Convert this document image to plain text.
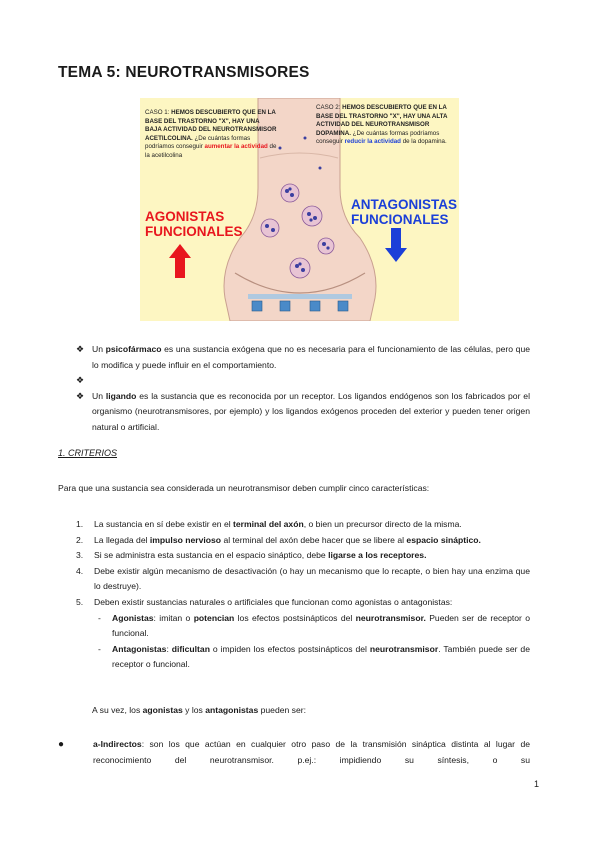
TEMA 5: NEUROTRANSMISORES
CASO 1: HEMOS DESCUBIERTO QUE EN LA BASE DEL TRASTORNO "X", HAY UNA BAJA ACTIVIDAD DEL NEUROTRANSMISOR ACETILCOLINA. ¿De cuántas formas podríamos conseguir aumentar la actividad de la acetilcolina
CASO 2: HEMOS DESCUBIERTO QUE EN LA BASE DEL TRASTORNO "X", HAY UNA ALTA ACTIVIDAD DEL NEUROTRANSMISOR DOPAMINA. ¿De cuántas formas podríamos conseguir reducir la actividad de la dopamina.
AGONISTAS
FUNCIONALES
ANTAGONISTAS
FUNCIONALES
❖ Un psicofármaco es una sustancia exógena que no es necesaria para el funcionamiento de las células, pero que lo modifica y puede influir en el comportamiento.
❖

❖ Un ligando es la sustancia que es reconocida por un receptor. Los ligandos endógenos son los fabricados por el organismo (neurotransmisores, por ejemplo) y los ligandos exógenos proceden del exterior y pueden tener origen natural o artificial.
1. CRITERIOS
Para que una sustancia sea considerada un neurotransmisor deben cumplir cinco características:
1. La sustancia en sí debe existir en el terminal del axón, o bien un precursor directo de la misma.
2. La llegada del impulso nervioso al terminal del axón debe hacer que se libere al espacio sináptico.
3. Si se administra esta sustancia en el espacio sináptico, debe ligarse a los receptores.
4. Debe existir algún mecanismo de desactivación (o hay un mecanismo que lo recapte, o bien hay una enzima que lo destruye).
5. Deben existir sustancias naturales o artificiales que funcionan como agonistas o antagonistas:
- Agonistas: imitan o potencian los efectos postsinápticos del neurotransmisor. Pueden ser de receptor o funcional.
- Antagonistas: dificultan o impiden los efectos postsinápticos del neurotransmisor. También puede ser de receptor o funcional.
A su vez, los agonistas y los antagonistas pueden ser:
●	a-Indirectos: son los que actúan en cualquier otro paso de la transmisión sináptica distinta al lugar de reconocimiento del neurotransmisor. p.ej.: impidiendo su síntesis, o su
1
